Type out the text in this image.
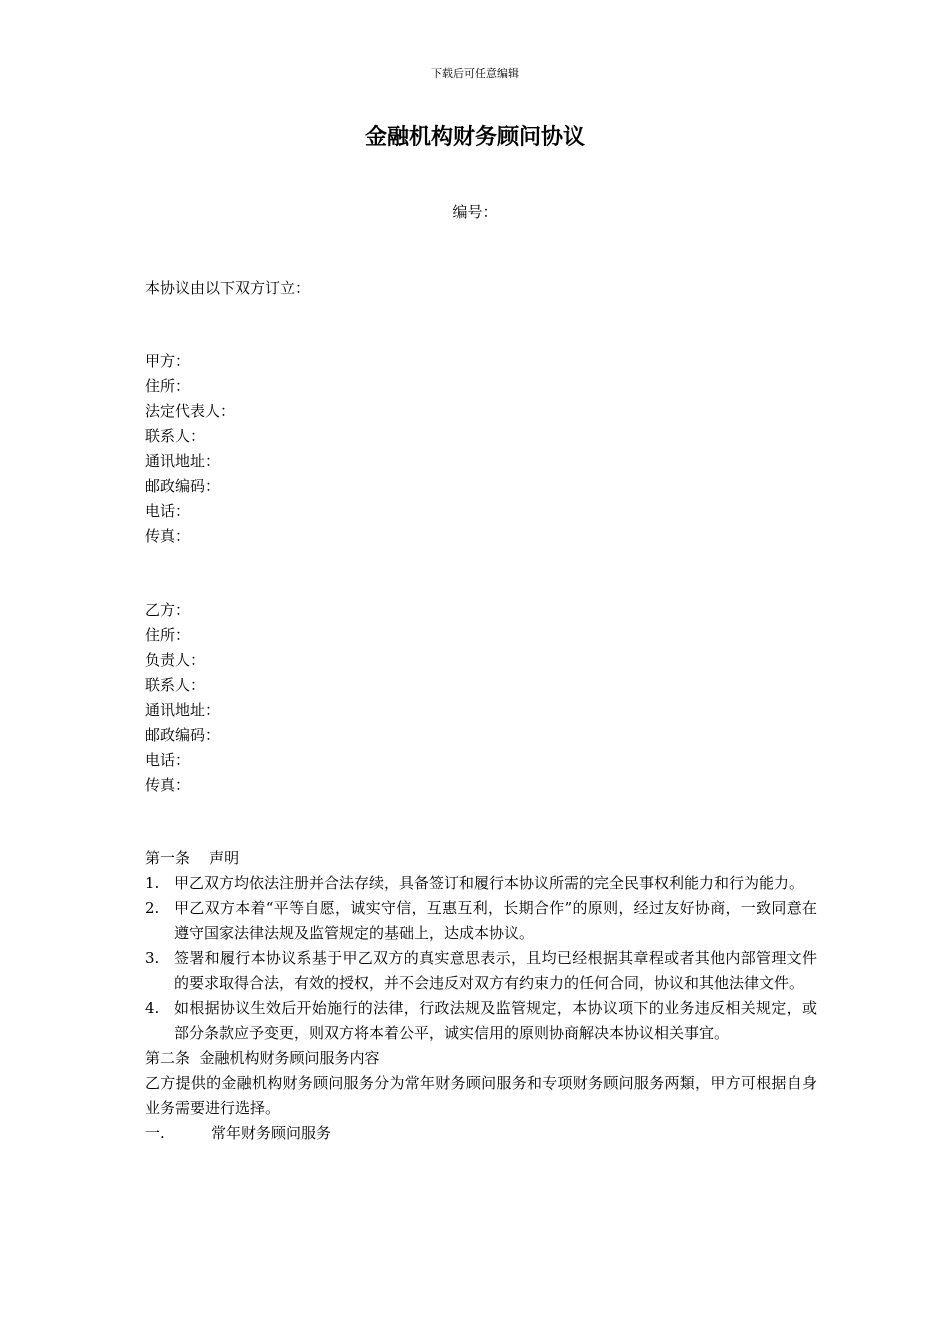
下载后可任意编辑
金融机构财务顾问协议
编号：
本协议由以下双方订立：
甲方：
住所：
法定代表人：
联系人：
通讯地址：
邮政编码：
电话：
传真：
乙方：
住所：
负责人：
联系人：
通讯地址：
邮政编码：
电话：
传真：
第一条    声明
1. 甲乙双方均依法注册并合法存续，具备签订和履行本协议所需的完全民事权利能力和行为能力。
2. 甲乙双方本着“平等自愿，诚实守信，互惠互利，长期合作”的原则，经过友好协商，一致同意在遵守国家法律法规及监管规定的基础上，达成本协议。
3. 签署和履行本协议系基于甲乙双方的真实意思表示，且均已经根据其章程或者其他内部管理文件的要求取得合法，有效的授权，并不会违反对双方有约束力的任何合同，协议和其他法律文件。
4. 如根据协议生效后开始施行的法律，行政法规及监管规定，本协议项下的业务违反相关规定，或部分条款应予变更，则双方将本着公平，诚实信用的原则协商解决本协议相关事宜。
第二条  金融机构财务顾问服务内容
乙方提供的金融机构财务顾问服务分为常年财务顾问服务和专项财务顾问服务两類，甲方可根据自身业务需要进行选择。
一.	常年财务顾问服务
